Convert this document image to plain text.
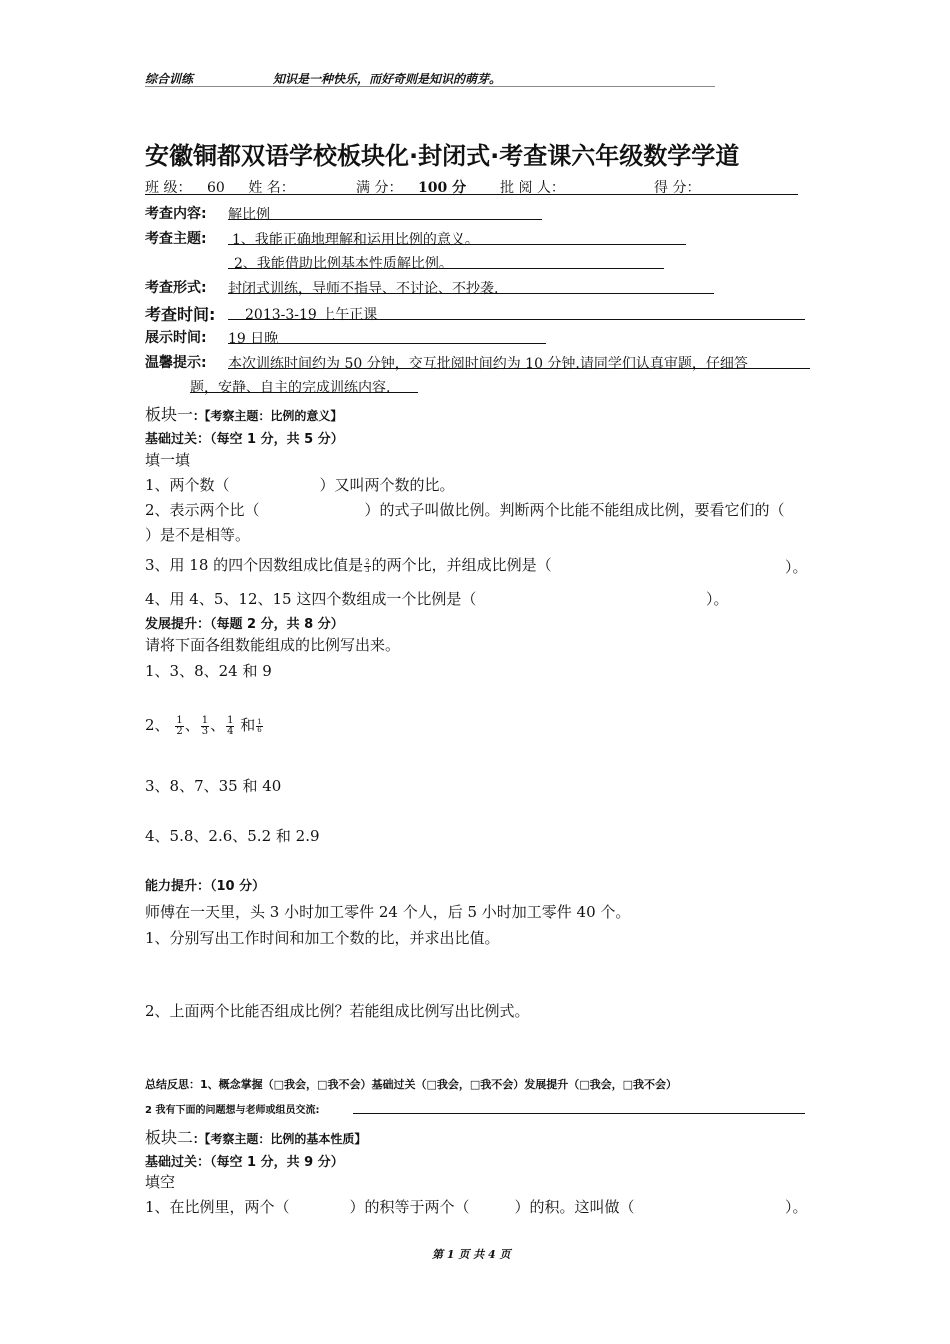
综合训练	知识是一种快乐，而好奇则是知识的萌芽。
安徽铜都双语学校板块化·封闭式·考查课六年级数学学道
班 级： 60 姓 名：	满 分： 100 分 批 阅 人：	得 分：
考查内容: 解比例
考查主题: 1、我能正确地理解和运用比例的意义。
2、我能借助比例基本性质解比例。
考查形式: 封闭式训练，导师不指导、不讨论、不抄袭.
考查时间: 2013-3-19 上午正课
展示时间: 19 日晚
温馨提示: 本次训练时间约为 50 分钟，交互批阅时间约为 10 分钟.请同学们认真审题，仔细答
题，安静、自主的完成训练内容.
板块一:【考察主题：比例的意义】
基础过关：（每空 1 分，共 5 分）
填一填
1、两个数（　　　　　　）又叫两个数的比。
2、表示两个比（　　　　　　　）的式子叫做比例。判断两个比能不能组成比例，要看它们的（
）是不是相等。
3、用 18 的四个因数组成比值是 $\frac{2}{3}$ 的两个比，并组成比例是（	）。
4、用 4、5、12、15 这四个数组成一个比例是（	）。
发展提升：（每题 2 分，共 8 分）
请将下面各组数能组成的比例写出来。
1、3、8、24 和 9
2、 $\frac{1}{2}$ 、 $\frac{1}{3}$ 、 $\frac{1}{4}$ 和 $\frac{1}{6}$
3、8、7、35 和 40
4、5.8、2.6、5.2 和 2.9
能力提升：（10 分）
师傅在一天里，头 3 小时加工零件 24 个人，后 5 小时加工零件 40 个。
1、分别写出工作时间和加工个数的比，并求出比值。
2、上面两个比能否组成比例？若能组成比例写出比例式。
总结反思：1、概念掌握（□我会，□我不会）基础过关（□我会，□我不会）发展提升（□我会，□我不会）
2 我有下面的问题想与老师或组员交流:
板块二:【考察主题：比例的基本性质】
基础过关：（每空 1 分，共 9 分）
填空
1、在比例里，两个（　　　　）的积等于两个（　　　）的积。这叫做（	）。
第 1 页 共 4 页
